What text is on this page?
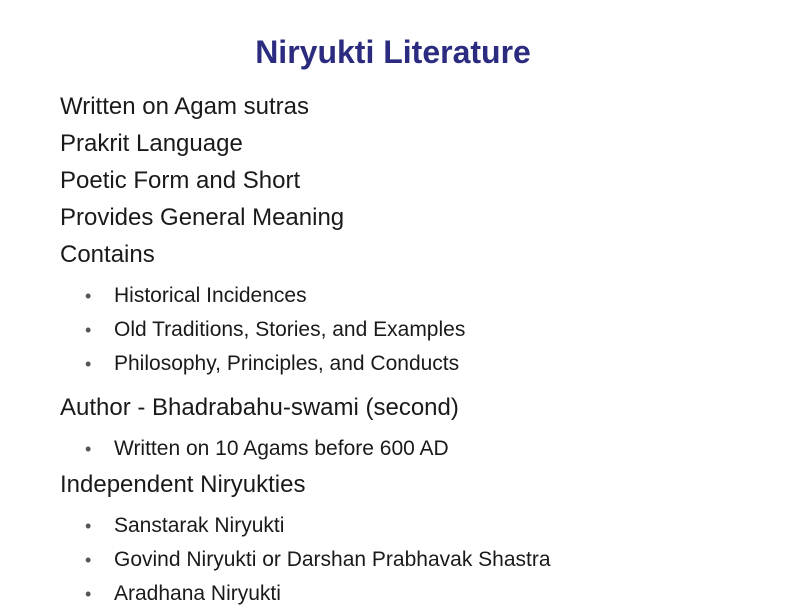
Niryukti Literature
Written on Agam sutras
Prakrit Language
Poetic Form and Short
Provides General Meaning
Contains
•	Historical Incidences
•	Old Traditions, Stories, and Examples
•	Philosophy, Principles, and Conducts
Author - Bhadrabahu-swami (second)
•	Written on 10 Agams before 600 AD
Independent Niryukties
•	Sanstarak Niryukti
•	Govind Niryukti or Darshan Prabhavak Shastra
•	Aradhana Niryukti
